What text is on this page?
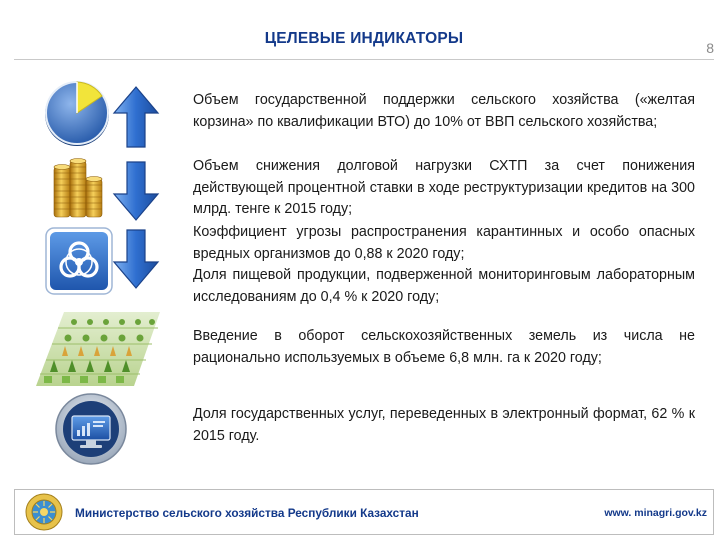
ЦЕЛЕВЫЕ ИНДИКАТОРЫ
8

Объем государственной поддержки сельского хозяйства («желтая корзина» по квалификации ВТО) до 10% от ВВП сельского хозяйства;

Объем снижения долговой нагрузки СХТП за счет понижения действующей процентной ставки в ходе реструктуризации кредитов на 300 млрд. тенге к 2015 году;

Коэффициент угрозы распространения карантинных и особо опасных вредных организмов до 0,88 к 2020 году;

Доля пищевой продукции, подверженной мониторинговым лабораторным исследованиям до 0,4 % к 2020 году;

Введение в оборот сельскохозяйственных земель из числа не рационально используемых в объеме 6,8 млн. га к 2020 году;

Доля государственных услуг, переведенных в электронный формат, 62 % к 2015 году.

Министерство сельского хозяйства Республики Казахстан	www. minagri.gov.kz
